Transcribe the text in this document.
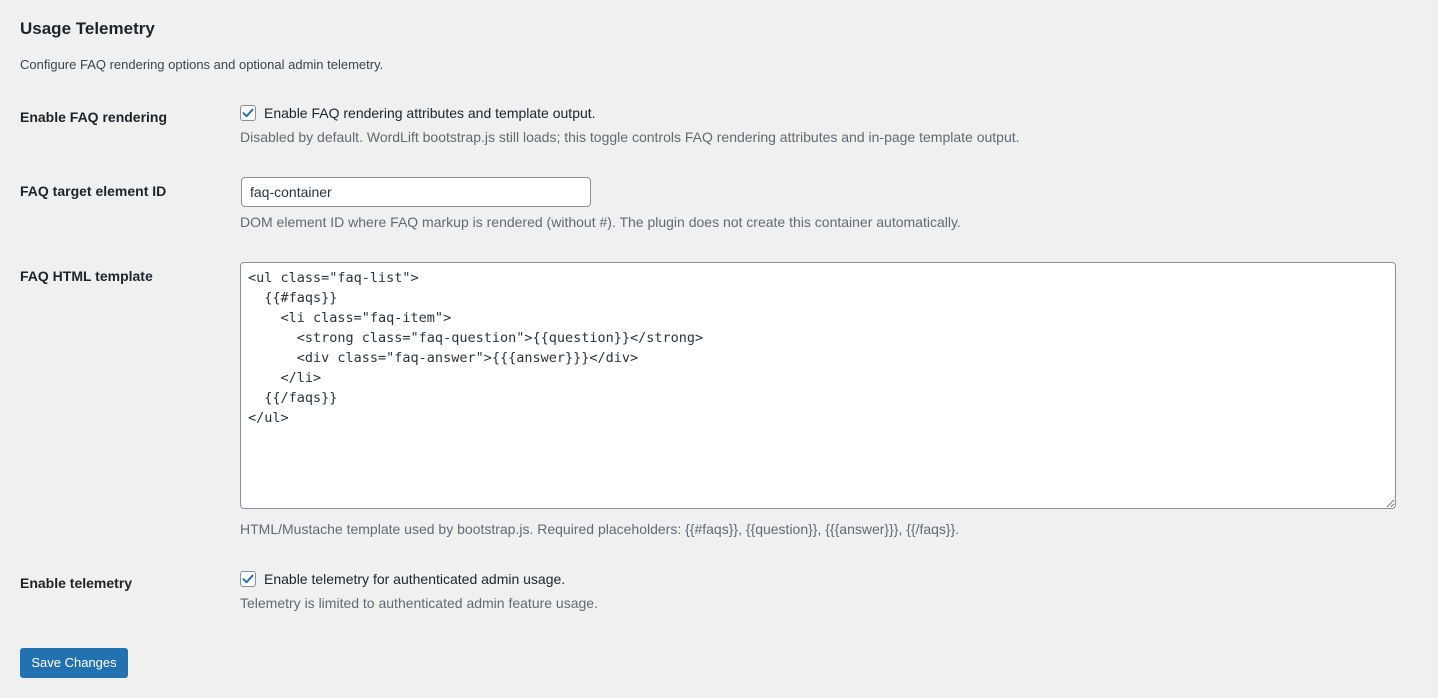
Usage Telemetry

Configure FAQ rendering options and optional admin telemetry.

Enable FAQ rendering	Enable FAQ rendering attributes and template output.
Disabled by default. WordLift bootstrap.js still loads; this toggle controls FAQ rendering attributes and in-page template output.
FAQ target element ID
faq-container
DOM element ID where FAQ markup is rendered (without #). The plugin does not create this container automatically.
FAQ HTML template
<ul class="faq-list"> {{#faqs}} <li class="faq-item"> <strong class="faq-question">{{question}}</strong> <div class="faq-answer">{{{answer}}}</div> </li> {{/faqs}} </ul>
HTML/Mustache template used by bootstrap.js. Required placeholders: {{#faqs}}, {{question}}, {{{answer}}}, {{/faqs}}.
Enable telemetry	Enable telemetry for authenticated admin usage.
Telemetry is limited to authenticated admin feature usage.
Save Changes
